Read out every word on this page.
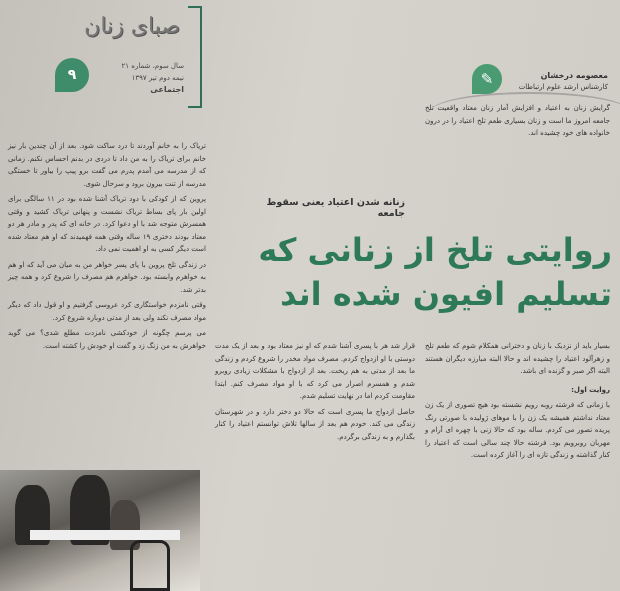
صبای زنان
سال سوم، شماره ۲۱
نیمه دوم تیر ۱۳۹۷
اجتماعی
۹	✎	معصومه درخشان
کارشناس ارشد علوم ارتباطات

گرایش زنان به اعتیاد و افزایش آمار زنان معتاد واقعیت تلخ جامعه امروز ما است و زنان بسیاری طعم تلخ اعتیاد را در درون خانواده های خود چشیده اند.

زنانه شدن اعتیاد یعنی سقوط جامعه
روایتی تلخ از زنانی که تسلیم افیون شده اند

بسیار باید از نزدیک با زنان و دخترانی همکلام شوم که طعم تلخ و زهرآلود اعتیاد را چشیده اند و حالا البته مبارزه دیگران هستند البته اگر صبر و گزنده ای باشد.

روایت اول:

با زمانی که فرشته روبه رویم نشسته بود هیچ تصوری از یک زن معتاد نداشتم همیشه یک زن را با موهای ژولیده با صورتی رنگ پریده تصور می کردم. ساله بود که حالا زنی با چهره ای آرام و مهربان روبرویم بود. فرشته حالا چند سالی است که اعتیاد را کنار گذاشته و زندگی تازه ای را آغاز کرده است.

قرار شد هر با پسری آشنا شدم که او نیز معتاد بود و بعد از یک مدت دوستی با او ازدواج کردم. مصرف مواد مخدر را شروع کردم و زندگی ما بعد از مدتی به هم ریخت. بعد از ازدواج با مشکلات زیادی روبرو شدم و همسرم اصرار می کرد که با او مواد مصرف کنم. ابتدا مقاومت کردم اما در نهایت تسلیم شدم.

حاصل ازدواج ما پسری است که حالا دو دختر دارد و در شهرستان زندگی می کند. خودم هم بعد از سالها تلاش توانستم اعتیاد را کنار بگذارم و به زندگی برگردم.

تریاک را به خانم آوردند تا درد ساکت شود. بعد از آن چندین بار نیز خانم برای تریاک را به من داد تا دردی در بدنم احساس نکنم. زمانی که از مدرسه می آمدم پدرم می گفت برو پیپ را بیاور تا خستگی مدرسه از تنت بیرون برود و سرحال شوی.

پروین که از کودکی با دود تریاک آشنا شده بود در ۱۱ سالگی برای اولین بار پای بساط تریاک نشست و پنهانی تریاک کشید و وقتی همسرش متوجه شد با او دعوا کرد. در خانه ای که پدر و مادر هر دو معتاد بودند دختری ۱۹ ساله وقتی همه فهمیدند که او هم معتاد شده است دیگر کسی به او اهمیت نمی داد.

در زندگی تلخ پروین با پای پسر خواهر من به میان می آید که او هم به خواهرم وابسته بود. خواهرم هم مصرف را شروع کرد و همه چیز بدتر شد.

وقتی نامزدم خواستگاری کرد عروسی گرفتیم و او قول داد که دیگر مواد مصرف نکند ولی بعد از مدتی دوباره شروع کرد.

می پرسم چگونه از خودکشی نامزدت مطلع شدی؟ می گوید خواهرش به من زنگ زد و گفت او خودش را کشته است.
